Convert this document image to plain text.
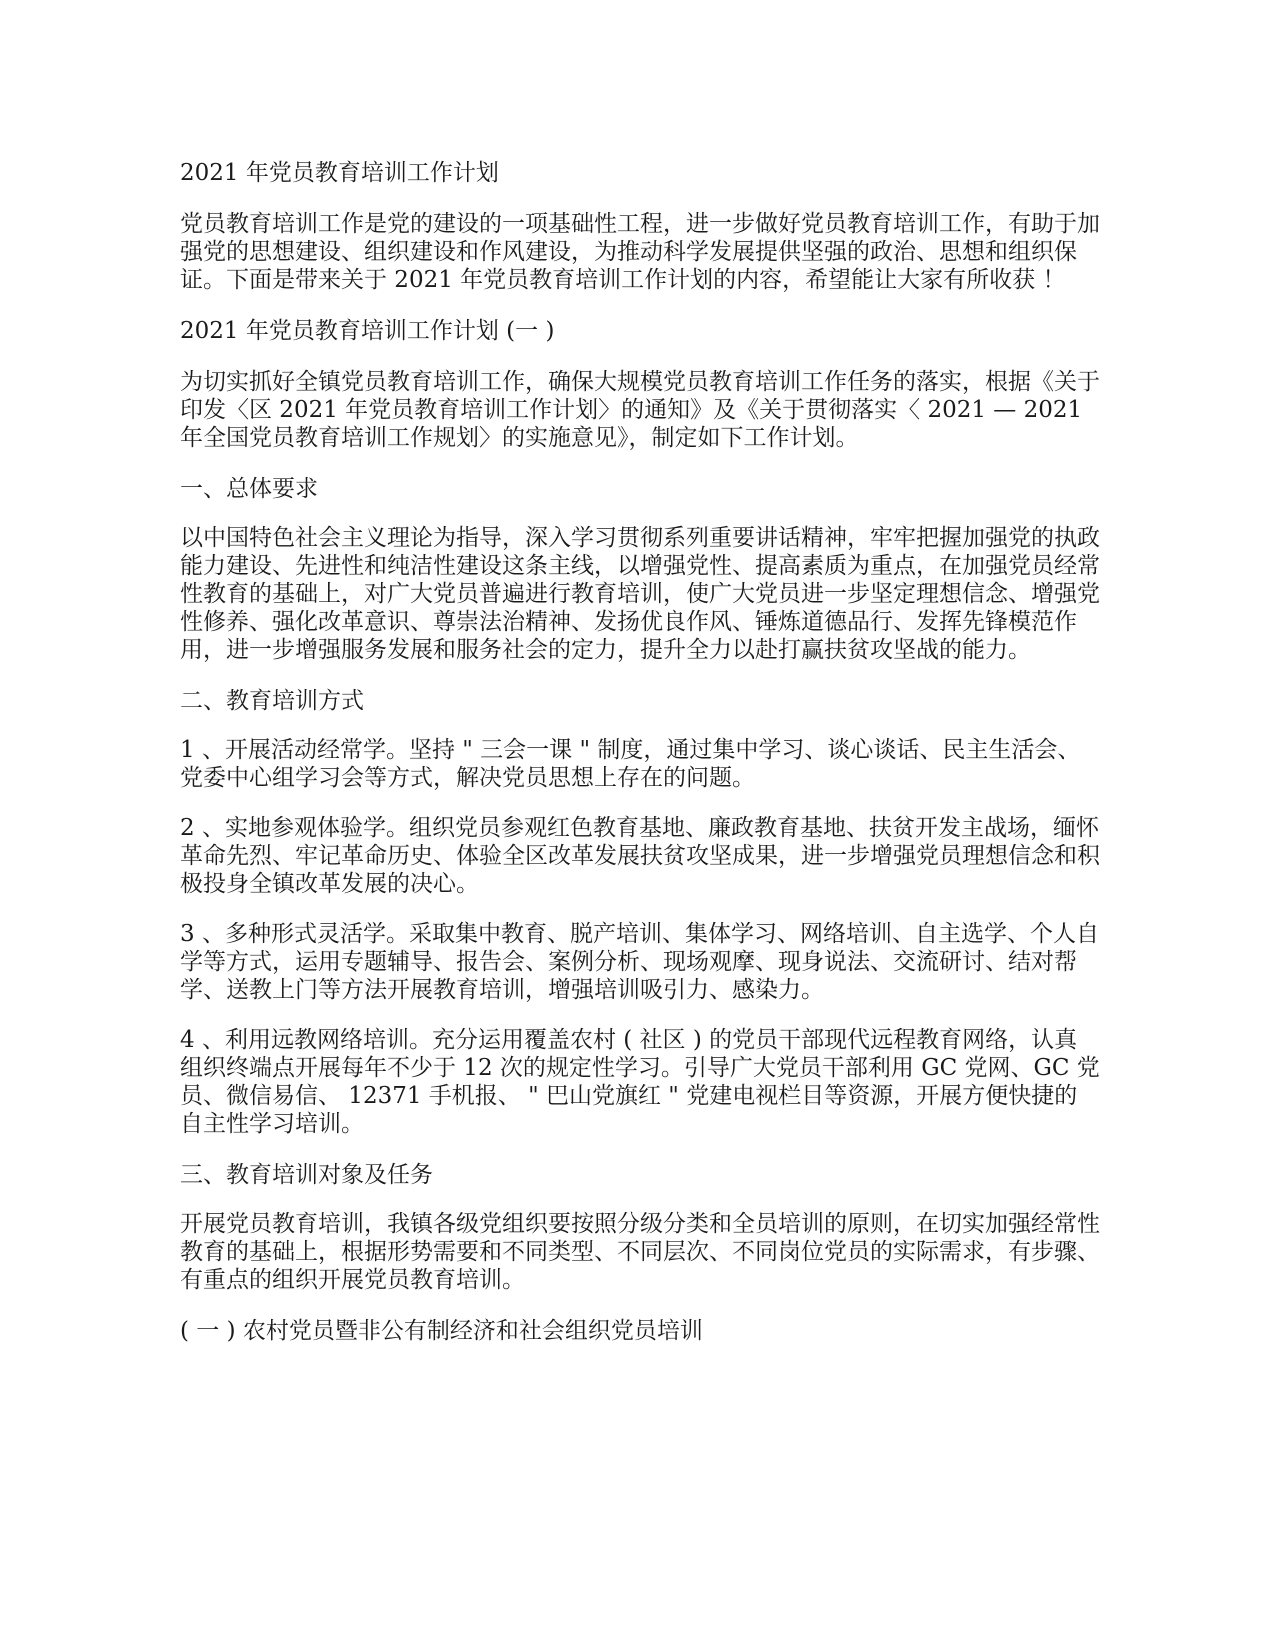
2021 年党员教育培训工作计划
党员教育培训工作是党的建设的一项基础性工程，进一步做好党员教育培训工作，有助于加强党的思想建设、组织建设和作风建设，为推动科学发展提供坚强的政治、思想和组织保证。下面是带来关于 2021 年党员教育培训工作计划的内容，希望能让大家有所收获 ！
2021 年党员教育培训工作计划 (一 )
为切实抓好全镇党员教育培训工作，确保大规模党员教育培训工作任务的落实，根据《关于印发〈区 2021 年党员教育培训工作计划〉的通知》及《关于贯彻落实〈 2021 — 2021 年全国党员教育培训工作规划〉的实施意见》，制定如下工作计划。
一、总体要求
以中国特色社会主义理论为指导，深入学习贯彻系列重要讲话精神，牢牢把握加强党的执政能力建设、先进性和纯洁性建设这条主线，以增强党性、提高素质为重点，在加强党员经常性教育的基础上，对广大党员普遍进行教育培训，使广大党员进一步坚定理想信念、增强党性修养、强化改革意识、尊崇法治精神、发扬优良作风、锤炼道德品行、发挥先锋模范作用，进一步增强服务发展和服务社会的定力，提升全力以赴打赢扶贫攻坚战的能力。
二、教育培训方式
1 、开展活动经常学。坚持 " 三会一课 " 制度，通过集中学习、谈心谈话、民主生活会、党委中心组学习会等方式，解决党员思想上存在的问题。
2 、实地参观体验学。组织党员参观红色教育基地、廉政教育基地、扶贫开发主战场，缅怀革命先烈、牢记革命历史、体验全区改革发展扶贫攻坚成果，进一步增强党员理想信念和积极投身全镇改革发展的决心。
3 、多种形式灵活学。采取集中教育、脱产培训、集体学习、网络培训、自主选学、个人自学等方式，运用专题辅导、报告会、案例分析、现场观摩、现身说法、交流研讨、结对帮学、送教上门等方法开展教育培训，增强培训吸引力、感染力。
4 、利用远教网络培训。充分运用覆盖农村 ( 社区 ) 的党员干部现代远程教育网络，认真组织终端点开展每年不少于 12 次的规定性学习。引导广大党员干部利用 GC 党网、GC 党员、微信易信、 12371 手机报、 " 巴山党旗红 " 党建电视栏目等资源，开展方便快捷的自主性学习培训。
三、教育培训对象及任务
开展党员教育培训，我镇各级党组织要按照分级分类和全员培训的原则，在切实加强经常性教育的基础上，根据形势需要和不同类型、不同层次、不同岗位党员的实际需求，有步骤、有重点的组织开展党员教育培训。
( 一 ) 农村党员暨非公有制经济和社会组织党员培训
